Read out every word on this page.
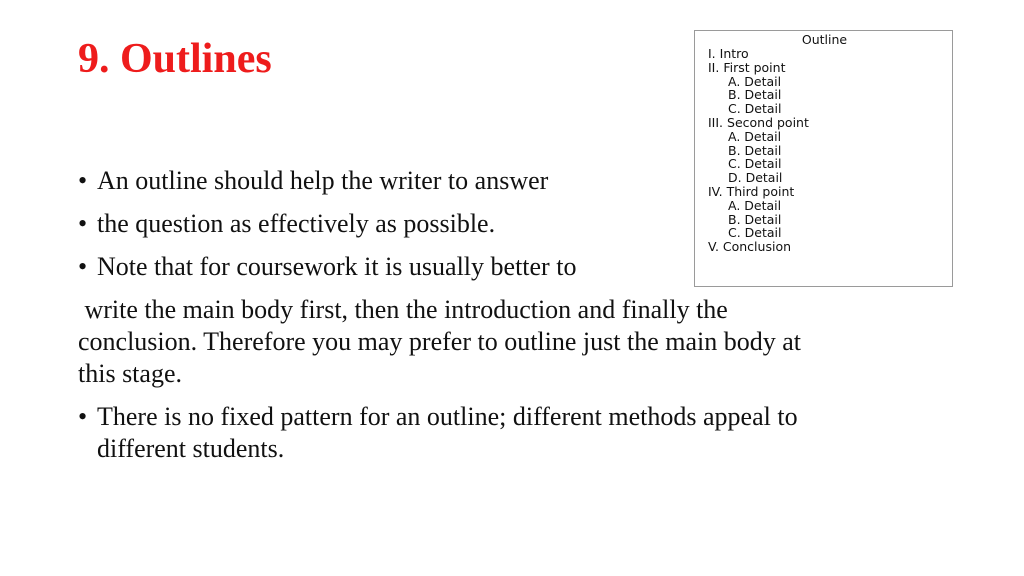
9. Outlines
• An outline should help the writer to answer
• the question as effectively as possible.
• Note that for coursework it is usually better to
write the main body first, then the introduction and finally the
conclusion. Therefore you may prefer to outline just the main body at
this stage.
• There is no fixed pattern for an outline; different methods appeal to
different students.
Outline
I. Intro
II. First point
A. Detail
B. Detail
C. Detail
III. Second point
A. Detail
B. Detail
C. Detail
D. Detail
IV. Third point
A. Detail
B. Detail
C. Detail
V. Conclusion
